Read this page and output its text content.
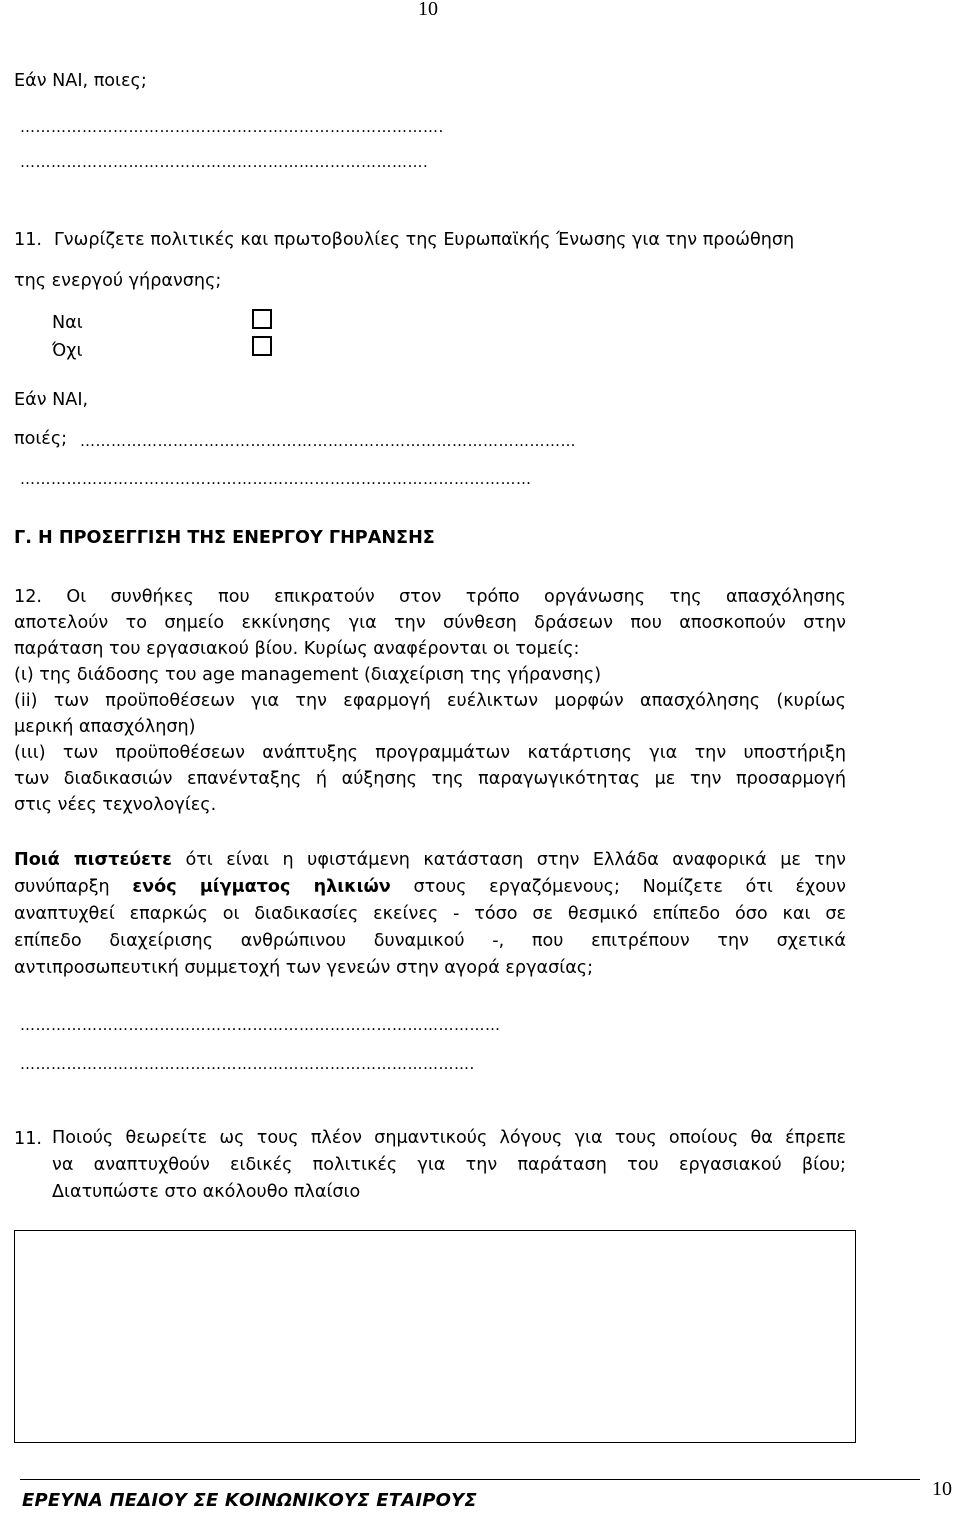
10
Εάν ΝΑΙ, ποιες;
……………………………………………………………………….
…………………………………………………………………….
11. Γνωρίζετε πολιτικές και πρωτοβουλίες της Ευρωπαϊκής Ένωσης για την προώθηση
της ενεργού γήρανσης;
Ναι
Όχι
Εάν ΝΑΙ,
ποιές; ……………………………………………………………………………………
………………………………………………………………………………………
Γ. Η ΠΡΟΣΕΓΓΙΣΗ ΤΗΣ ΕΝΕΡΓΟΥ ΓΗΡΑΝΣΗΣ
12. Οι συνθήκες που επικρατούν στον τρόπο οργάνωσης της απασχόλησης
αποτελούν το σημείο εκκίνησης για την σύνθεση δράσεων που αποσκοπούν στην
παράταση του εργασιακού βίου. Κυρίως αναφέρονται οι τομείς:
(ι) της διάδοσης του age management (διαχείριση της γήρανσης)
(ii) των προϋποθέσεων για την εφαρμογή ευέλικτων μορφών απασχόλησης (κυρίως
μερική απασχόληση)
(ιιι) των προϋποθέσεων ανάπτυξης προγραμμάτων κατάρτισης για την υποστήριξη
των διαδικασιών επανένταξης ή αύξησης της παραγωγικότητας με την προσαρμογή
στις νέες τεχνολογίες.
Ποιά πιστεύετε ότι είναι η υφιστάμενη κατάσταση στην Ελλάδα αναφορικά με την
συνύπαρξη ενός μίγματος ηλικιών στους εργαζόμενους; Νομίζετε ότι έχουν
αναπτυχθεί επαρκώς οι διαδικασίες εκείνες - τόσο σε θεσμικό επίπεδο όσο και σε
επίπεδο διαχείρισης ανθρώπινου δυναμικού -, που επιτρέπουν την σχετικά
αντιπροσωπευτική συμμετοχή των γενεών στην αγορά εργασίας;
…………………………………………………………………………………
…………………………………………………………………………….
11. Ποιούς θεωρείτε ως τους πλέον σημαντικούς λόγους για τους οποίους θα έπρεπε
να αναπτυχθούν ειδικές πολιτικές για την παράταση του εργασιακού βίου;
Διατυπώστε στο ακόλουθο πλαίσιο
ΕΡΕΥΝΑ ΠΕΔΙΟΥ ΣΕ ΚΟΙΝΩΝΙΚΟΥΣ ΕΤΑΙΡΟΥΣ
10
